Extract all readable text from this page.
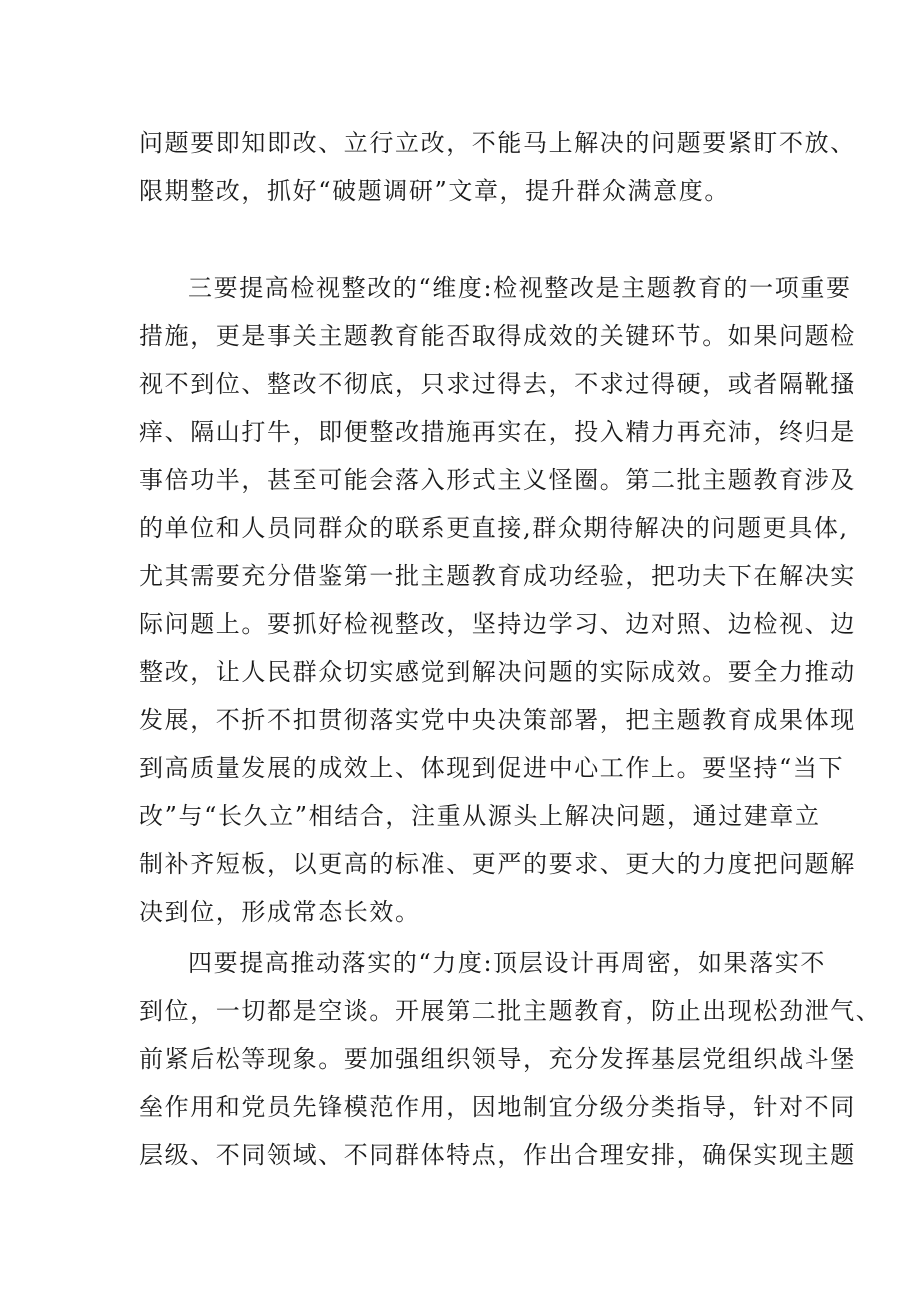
问题要即知即改、立行立改，不能马上解决的问题要紧盯不放、
限期整改，抓好“破题调研”文章，提升群众满意度。
三要提高检视整改的“维度:检视整改是主题教育的一项重要
措施，更是事关主题教育能否取得成效的关键环节。如果问题检
视不到位、整改不彻底，只求过得去，不求过得硬，或者隔靴搔
痒、隔山打牛，即便整改措施再实在，投入精力再充沛，终归是
事倍功半，甚至可能会落入形式主义怪圈。第二批主题教育涉及
的单位和人员同群众的联系更直接,群众期待解决的问题更具体,
尤其需要充分借鉴第一批主题教育成功经验，把功夫下在解决实
际问题上。要抓好检视整改，坚持边学习、边对照、边检视、边
整改，让人民群众切实感觉到解决问题的实际成效。要全力推动
发展，不折不扣贯彻落实党中央决策部署，把主题教育成果体现
到高质量发展的成效上、体现到促进中心工作上。要坚持“当下
改”与“长久立”相结合，注重从源头上解决问题，通过建章立
制补齐短板，以更高的标准、更严的要求、更大的力度把问题解
决到位，形成常态长效。
四要提高推动落实的“力度:顶层设计再周密，如果落实不
到位，一切都是空谈。开展第二批主题教育，防止出现松劲泄气、
前紧后松等现象。要加强组织领导，充分发挥基层党组织战斗堡
垒作用和党员先锋模范作用，因地制宜分级分类指导，针对不同
层级、不同领域、不同群体特点，作出合理安排，确保实现主题
